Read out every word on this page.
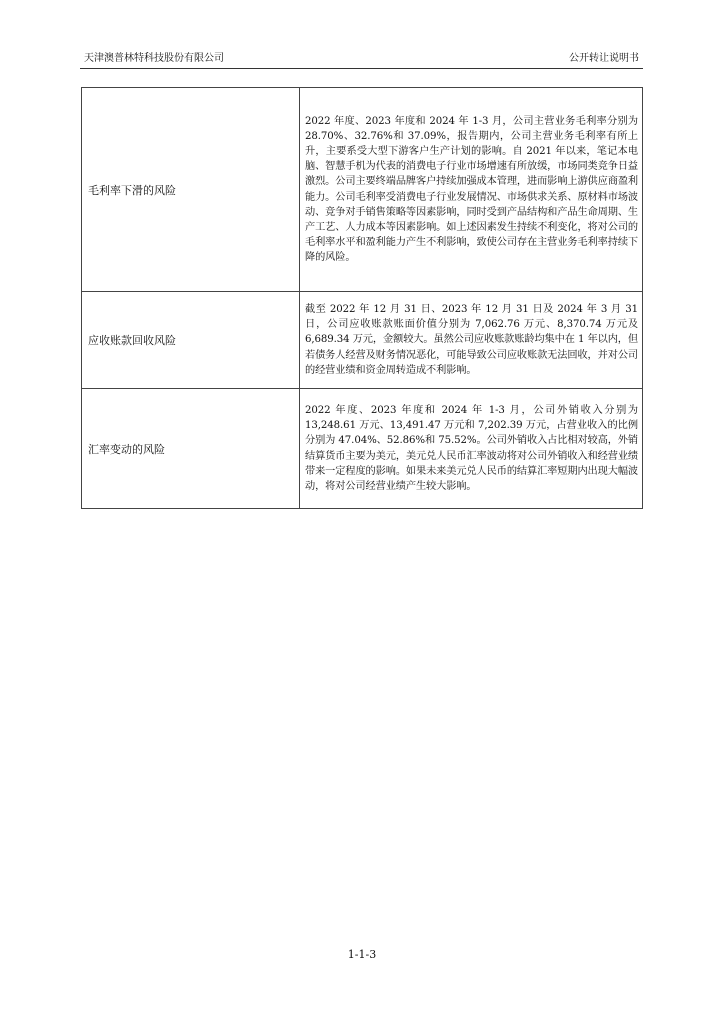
天津澳普林特科技股份有限公司	公开转让说明书
毛利率下滑的风险	2022 年度、2023 年度和 2024 年 1-3 月，公司主营业务毛利率分别为 28.70%、32.76%和 37.09%，报告期内，公司主营业务毛利率有所上升，主要系受大型下游客户生产计划的影响。自 2021 年以来，笔记本电脑、智慧手机为代表的消费电子行业市场增速有所放缓，市场同类竞争日益激烈。公司主要终端品牌客户持续加强成本管理，进而影响上游供应商盈利能力。公司毛利率受消费电子行业发展情况、市场供求关系、原材料市场波动、竞争对手销售策略等因素影响，同时受到产品结构和产品生命周期、生产工艺、人力成本等因素影响。如上述因素发生持续不利变化，将对公司的毛利率水平和盈利能力产生不利影响，致使公司存在主营业务毛利率持续下降的风险。
应收账款回收风险	截至 2022 年 12 月 31 日、2023 年 12 月 31 日及 2024 年 3 月 31 日，公司应收账款账面价值分别为 7,062.76 万元、8,370.74 万元及 6,689.34 万元，金额较大。虽然公司应收账款账龄均集中在 1 年以内，但若债务人经营及财务情况恶化，可能导致公司应收账款无法回收，并对公司的经营业绩和资金周转造成不利影响。
汇率变动的风险	2022 年度、2023 年度和 2024 年 1-3 月，公司外销收入分别为 13,248.61 万元、13,491.47 万元和 7,202.39 万元，占营业收入的比例分别为 47.04%、52.86%和 75.52%。公司外销收入占比相对较高，外销结算货币主要为美元，美元兑人民币汇率波动将对公司外销收入和经营业绩带来一定程度的影响。如果未来美元兑人民币的结算汇率短期内出现大幅波动，将对公司经营业绩产生较大影响。
1-1-3
